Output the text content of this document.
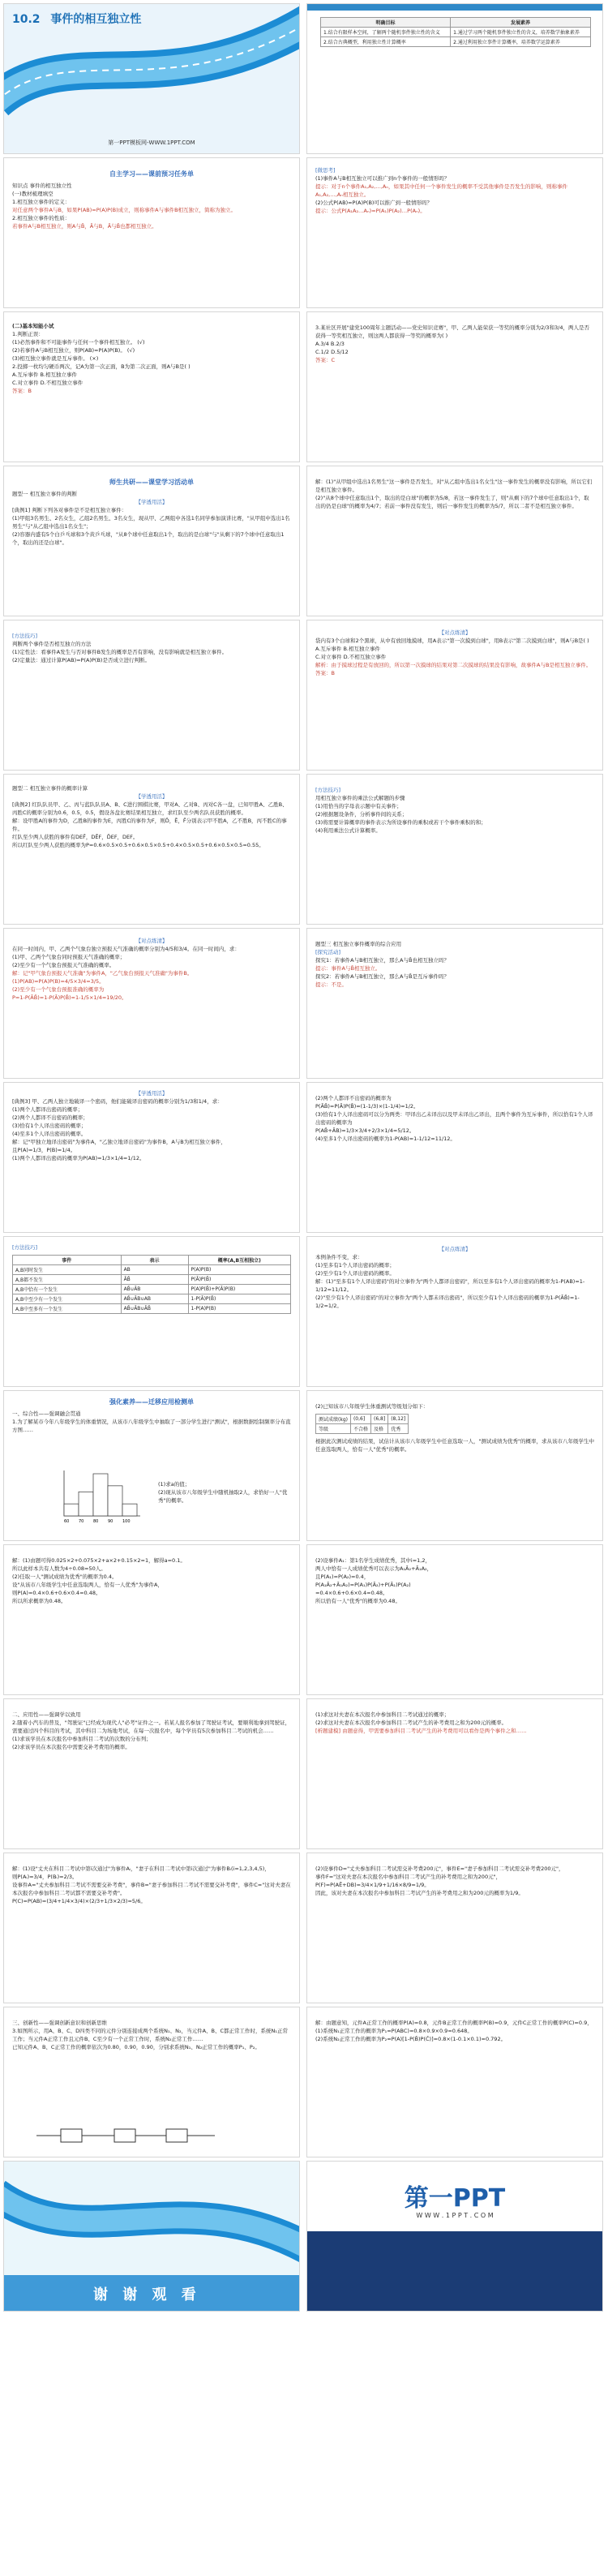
10.2 事件的相互独立性
第一PPT模板网-WWW.1PPT.COM
明确目标	发展素养
1.结合有限样本空间，了解两个随机事件独立性的含义	1.通过学习两个随机事件独立性的含义，培养数学抽象素养
2.结合古典概型，利用独立性计算概率	2.通过利用独立事件计算概率，培养数学运算素养
自主学习——课前预习任务单
知识点 事件的相互独立性
(一)教材梳理填空
1.相互独立事件的定义：
对任意两个事件A与B，如果P(AB)=P(A)P(B)成立，则称事件A与事件B相互独立，简称为独立。
2.相互独立事件的性质：
若事件A与B相互独立，则A与B̄，Ā与B，Ā与B̄也都相互独立。
[微思考]
(1)事件A与B相互独立可以推广到n个事件的一般情形吗？
提示：对于n个事件A₁,A₂,…,Aₙ，如果其中任何一个事件发生的概率不受其他事件是否发生的影响，则称事件A₁,A₂,…,Aₙ相互独立。
(2)公式P(AB)=P(A)P(B)可以推广到一般情形吗？
提示：公式P(A₁A₂…Aₙ)=P(A₁)P(A₂)…P(Aₙ)。
(二)基本知能小试
1.判断正误：
(1)必然事件和不可能事件与任何一个事件相互独立。 (√)
(2)若事件A与B相互独立，则P(AB)=P(A)P(B)。 (√)
(3)相互独立事件就是互斥事件。 (×)
2.投掷一枚均匀硬币两次，记A为第一次正面，B为第二次正面，则A与B是( )
A.互斥事件 B.相互独立事件
C.对立事件 D.不相互独立事件
答案：B
3.某社区开展"建党100周年主题活动——党史知识竞赛"，甲、乙两人能荣获一等奖的概率分别为2/3和3/4，两人是否获得一等奖相互独立，则这两人都获得一等奖的概率为( )
A.3/4 B.2/3
C.1/2 D.5/12
答案：C
师生共研——课堂学习活动单
题型一 相互独立事件的判断
【学透用活】
[典例1] 判断下列各对事件是不是相互独立事件：
(1)甲组3名男生、2名女生，乙组2名男生、3名女生，现从甲、乙两组中各选1名同学参加演讲比赛，"从甲组中选出1名男生"与"从乙组中选出1名女生"；
(2)容器内盛有5个白乒乓球和3个黄乒乓球，"从8个球中任意取出1个，取出的是白球"与"从剩下的7个球中任意取出1个，取出的还是白球"。
解：(1)"从甲组中选出1名男生"这一事件是否发生，对"从乙组中选出1名女生"这一事件发生的概率没有影响，所以它们是相互独立事件。
(2)"从8个球中任意取出1个，取出的是白球"的概率为5/8，若这一事件发生了，则"从剩下的7个球中任意取出1个，取出的仍是白球"的概率为4/7；若前一事件没有发生，则后一事件发生的概率为5/7，所以二者不是相互独立事件。
[方法技巧]
判断两个事件是否相互独立的方法
(1)定性法：看事件A发生与否对事件B发生的概率是否有影响，没有影响就是相互独立事件。
(2)定量法：通过计算P(AB)=P(A)P(B)是否成立进行判断。
【对点练清】
袋内有3个白球和2个黑球，从中有放回地摸球，用A表示"第一次摸到白球"，用B表示"第二次摸到白球"，则A与B是( )
A.互斥事件 B.相互独立事件
C.对立事件 D.不相互独立事件
解析：由于摸球过程是有放回的，所以第一次摸球的结果对第二次摸球的结果没有影响，故事件A与B是相互独立事件。
答案：B
题型二 相互独立事件的概率计算
【学透用活】
[典例2] 红队队员甲、乙、丙与蓝队队员A、B、C进行围棋比赛，甲对A、乙对B、丙对C各一盘，已知甲胜A、乙胜B、丙胜C的概率分别为0.6，0.5，0.5，假设各盘比赛结果相互独立，求红队至少两名队员获胜的概率。
解：设甲胜A的事件为D，乙胜B的事件为E，丙胜C的事件为F，则D̄，Ē，F̄分别表示甲不胜A，乙不胜B，丙不胜C的事件。
红队至少两人获胜的事件有DEF̄，DĒF，D̄EF，DEF。
所以红队至少两人获胜的概率为P=0.6×0.5×0.5+0.6×0.5×0.5+0.4×0.5×0.5+0.6×0.5×0.5=0.55。
[方法技巧]
用相互独立事件的乘法公式解题的步骤
(1)用恰当的字母表示题中有关事件；
(2)根据题设条件，分析事件间的关系；
(3)将需要计算概率的事件表示为所设事件的乘积或若干个事件乘积的和；
(4)利用乘法公式计算概率。
【对点练清】
在同一时间内，甲、乙两个气象台独立预报天气准确的概率分别为4/5和3/4。在同一时间内，求：
(1)甲、乙两个气象台同时预报天气准确的概率；
(2)至少有一个气象台预报天气准确的概率。
解：记"甲气象台预报天气准确"为事件A，"乙气象台预报天气准确"为事件B。
(1)P(AB)=P(A)P(B)=4/5×3/4=3/5。
(2)至少有一个气象台预报准确的概率为
P=1-P(ĀB̄)=1-P(Ā)P(B̄)=1-1/5×1/4=19/20。
题型三 相互独立事件概率的综合应用
[探究活动]
探究1：若事件A与B相互独立，那么A与B̄也相互独立吗？
提示：事件A与B̄相互独立。
探究2：若事件A与B相互独立，那么A与B̄是互斥事件吗？
提示：不是。
【学透用活】
[典例3] 甲、乙两人独立地破译一个密码，他们能破译出密码的概率分别为1/3和1/4，求：
(1)两个人都译出密码的概率；
(2)两个人都译不出密码的概率；
(3)恰有1个人译出密码的概率；
(4)至多1个人译出密码的概率。
解：记"甲独立地译出密码"为事件A，"乙独立地译出密码"为事件B，A与B为相互独立事件，
且P(A)=1/3，P(B)=1/4。
(1)两个人都译出密码的概率为P(AB)=1/3×1/4=1/12。
(2)两个人都译不出密码的概率为
P(ĀB̄)=P(Ā)P(B̄)=(1-1/3)×(1-1/4)=1/2。
(3)恰有1个人译出密码可以分为两类：甲译出乙未译出以及甲未译出乙译出，且两个事件为互斥事件，所以恰有1个人译出密码的概率为
P(AB̄+ĀB)=1/3×3/4+2/3×1/4=5/12。
(4)至多1个人译出密码的概率为1-P(AB)=1-1/12=11/12。
[方法技巧]
事件	表示	概率(A,B互相独立)
A,B同时发生	AB	P(A)P(B)
A,B都不发生	ĀB̄	P(Ā)P(B̄)
A,B中恰有一个发生	AB̄∪ĀB	P(A)P(B̄)+P(Ā)P(B)
A,B中至少有一个发生	AB̄∪ĀB∪AB	1-P(Ā)P(B̄)
A,B中至多有一个发生	AB̄∪ĀB∪ĀB̄	1-P(A)P(B)
【对点练清】
本例条件不变，求：
(1)至多有1个人译出密码的概率；
(2)至少有1个人译出密码的概率。
解：(1)"至多有1个人译出密码"的对立事件为"两个人都译出密码"，所以至多有1个人译出密码的概率为1-P(AB)=1-1/12=11/12。
(2)"至少有1个人译出密码"的对立事件为"两个人都未译出密码"，所以至少有1个人译出密码的概率为1-P(ĀB̄)=1-1/2=1/2。
强化素养——迁移应用检测单
一、综合性——强调融会贯通
1.为了解某市今年八年级学生的体重情况，从该市八年级学生中抽取了一部分学生进行"测试"，根据数据绘制频率分布直方图……
60 70 80 90 100
(1)求a的值；
(2)现从该市八年级学生中随机抽取2人，求恰好一人"优秀"的概率。
(2)已知该市八年级学生体重测试等级划分如下：
测试成绩(kg)	(0,6]	(6,8]	(8,12]
等级	不合格	及格	优秀
根据此次测试成绩的结果，试估计从该市八年级学生中任意选取一人，"测试成绩为优秀"的概率，求从该市八年级学生中任意选取两人，恰有一人"优秀"的概率。
解：(1)由题可得0.025×2+0.075×2+a×2+0.15×2=1，解得a=0.1。
所以此样本共有人数为4÷0.08=50人。
(2)任取一人"测试成绩为优秀"的概率为0.4。
设"从该市八年级学生中任意选取两人，恰有一人优秀"为事件A，
则P(A)=0.4×0.6+0.6×0.4=0.48。
所以所求概率为0.48。
(2)设事件A₁：第1名学生成绩优秀，其中i=1,2，
两人中恰有一人成绩优秀可以表示为A₁Ā₂+Ā₁A₂，
且P(A₁)=P(A₂)=0.4，
P(A₁Ā₂+Ā₁A₂)=P(A₁)P(Ā₂)+P(Ā₁)P(A₂)
=0.4×0.6+0.6×0.4=0.48。
所以恰有一人"优秀"的概率为0.48。
二、应用性——强调学以致用
2.随着小汽车的普及，"驾驶证"已经成为现代人"必考"证件之一。若某人报名参加了驾驶证考试，要顺利地拿到驾驶证，需要通过四个科目的考试，其中科目二为场地考试，在每一次报名中，每个学员有5次参加科目二考试的机会……
(1)求该学员在本次报名中参加科目二考试的次数的分布列；
(2)求该学员在本次报名中需要交补考费用的概率。
(1)求这对夫妻在本次报名中参加科目二考试通过的概率；
(2)求这对夫妻在本次报名中参加科目二考试产生的补考费用之和为200元的概率。
[析题建模] 由题意得，甲需要参加科目二考试产生的补考费用可以看作是两个事件之和……
解：(1)设"丈夫在科目二考试中第i次通过"为事件Aᵢ，"妻子在科目二考试中第i次通过"为事件Bᵢ(i=1,2,3,4,5)，
则P(Aᵢ)=3/4，P(Bᵢ)=2/3。
设事件A="丈夫参加科目二考试不需要交补考费"，事件B="妻子参加科目二考试不需要交补考费"，事件C="这对夫妻在本次报名中参加科目二考试都不需要交补考费"。
P(C)=P(AB)=(3/4+1/4×3/4)×(2/3+1/3×2/3)=5/6。
(2)设事件D="丈夫参加科目二考试需交补考费200元"，事件E="妻子参加科目二考试需交补考费200元"，
事件F="这对夫妻在本次报名中参加科目二考试产生的补考费用之和为200元"，
P(F)=P(AĒ+DB)=3/4×1/9+1/16×8/9=1/9。
因此，该对夫妻在本次报名中参加科目二考试产生的补考费用之和为200元的概率为1/9。
三、创新性——强调创新意识和创新思维
3.如图所示，用A、B、C、D四类不同的元件分别连接成两个系统N₁、N₂，当元件A、B、C都正常工作时，系统N₁正常工作；当元件A正常工作且元件B、C至少有一个正常工作时，系统N₂正常工作……
已知元件A、B、C正常工作的概率依次为0.80，0.90，0.90，分别求系统N₁、N₂正常工作的概率P₁、P₂。
解：由题意知，元件A正常工作的概率P(A)=0.8，元件B正常工作的概率P(B)=0.9，元件C正常工作的概率P(C)=0.9，
(1)系统N₁正常工作的概率为P₁=P(ABC)=0.8×0.9×0.9=0.648。
(2)系统N₂正常工作的概率为P₂=P(A)[1-P(B̄)P(C̄)]=0.8×(1-0.1×0.1)=0.792。
谢 谢 观 看
第一PPT
W W W . 1 P P T . C O M
